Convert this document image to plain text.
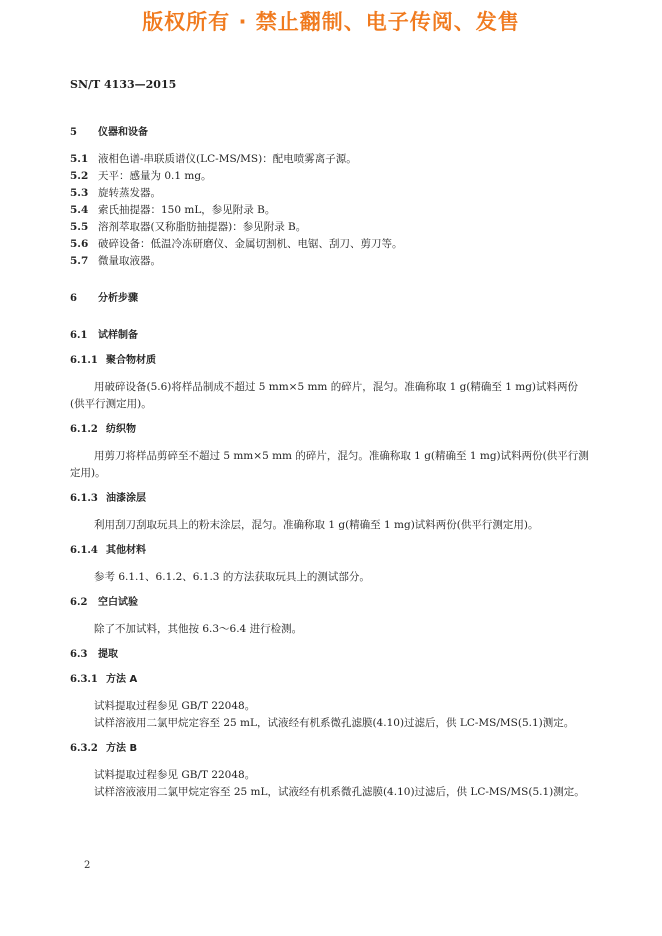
版权所有 · 禁止翻制、电子传阅、发售
SN/T 4133—2015
5 仪器和设备
5.1 液相色谱-串联质谱仪(LC-MS/MS)：配电喷雾离子源。
5.2 天平：感量为 0.1 mg。
5.3 旋转蒸发器。
5.4 索氏抽提器：150 mL，参见附录 B。
5.5 溶剂萃取器(又称脂肪抽提器)：参见附录 B。
5.6 破碎设备：低温冷冻研磨仪、金属切割机、电锯、刮刀、剪刀等。
5.7 微量取液器。
6 分析步骤
6.1 试样制备
6.1.1 聚合物材质
用破碎设备(5.6)将样品制成不超过 5 mm×5 mm 的碎片，混匀。准确称取 1 g(精确至 1 mg)试料两份(供平行测定用)。
6.1.2 纺织物
用剪刀将样品剪碎至不超过 5 mm×5 mm 的碎片，混匀。准确称取 1 g(精确至 1 mg)试料两份(供平行测定用)。
6.1.3 油漆涂层
利用刮刀刮取玩具上的粉末涂层，混匀。准确称取 1 g(精确至 1 mg)试料两份(供平行测定用)。
6.1.4 其他材料
参考 6.1.1、6.1.2、6.1.3 的方法获取玩具上的测试部分。
6.2 空白试验
除了不加试料，其他按 6.3～6.4 进行检测。
6.3 提取
6.3.1 方法 A
试料提取过程参见 GB/T 22048。
试样溶液用二氯甲烷定容至 25 mL，试液经有机系微孔滤膜(4.10)过滤后，供 LC-MS/MS(5.1)测定。
6.3.2 方法 B
试料提取过程参见 GB/T 22048。
试样溶液液用二氯甲烷定容至 25 mL，试液经有机系微孔滤膜(4.10)过滤后，供 LC-MS/MS(5.1)测定。
2
